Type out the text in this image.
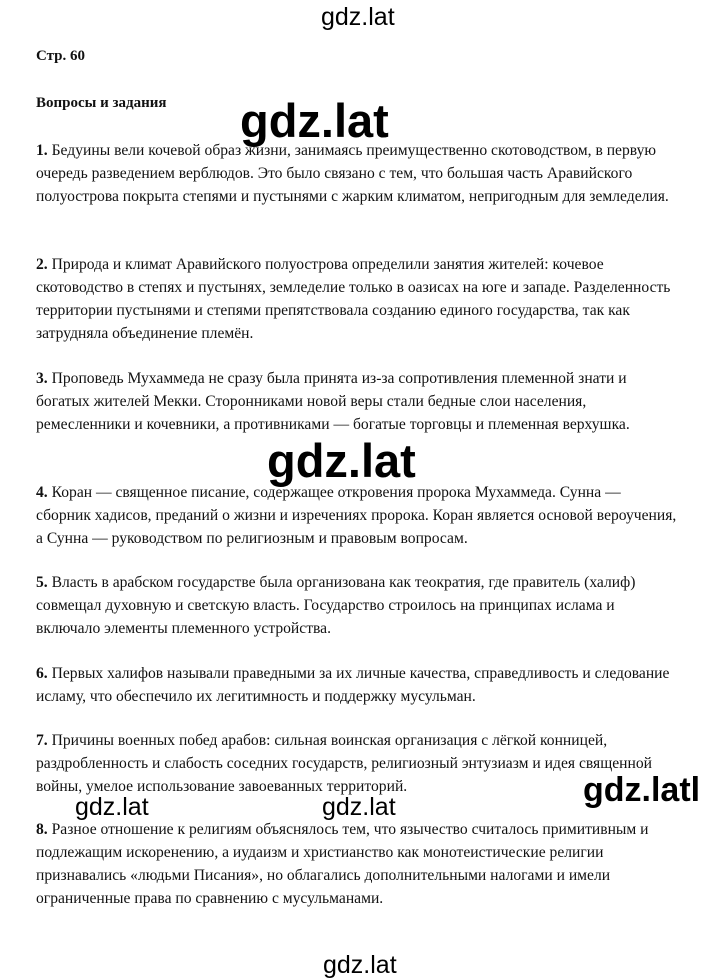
gdz.lat
Стр. 60
Вопросы и задания

1. Бедуины вели кочевой образ жизни, занимаясь преимущественно скотоводством, в первую очередь разведением верблюдов. Это было связано с тем, что большая часть Аравийского полуострова покрыта степями и пустынями с жарким климатом, непригодным для земледелия.

2. Природа и климат Аравийского полуострова определили занятия жителей: кочевое скотоводство в степях и пустынях, земледелие только в оазисах на юге и западе. Разделенность территории пустынями и степями препятствовала созданию единого государства, так как затрудняла объединение племён.

3. Проповедь Мухаммеда не сразу была принята из-за сопротивления племенной знати и богатых жителей Мекки. Сторонниками новой веры стали бедные слои населения, ремесленники и кочевники, а противниками — богатые торговцы и племенная верхушка.

4. Коран — священное писание, содержащее откровения пророка Мухаммеда. Сунна — сборник хадисов, преданий о жизни и изречениях пророка. Коран является основой вероучения, а Сунна — руководством по религиозным и правовым вопросам.

5. Власть в арабском государстве была организована как теократия, где правитель (халиф) совмещал духовную и светскую власть. Государство строилось на принципах ислама и включало элементы племенного устройства.

6. Первых халифов называли праведными за их личные качества, справедливость и следование исламу, что обеспечило их легитимность и поддержку мусульман.

7. Причины военных побед арабов: сильная воинская организация с лёгкой конницей, раздробленность и слабость соседних государств, религиозный энтузиазм и идея священной войны, умелое использование завоеванных территорий.

8. Разное отношение к религиям объяснялось тем, что язычество считалось примитивным и подлежащим искоренению, а иудаизм и христианство как монотеистические религии признавались «людьми Писания», но облагались дополнительными налогами и имели ограниченные права по сравнению с мусульманами.

gdz.lat
gdz.lat
gdz.latl
gdz.lat	gdz.lat
gdz.lat
